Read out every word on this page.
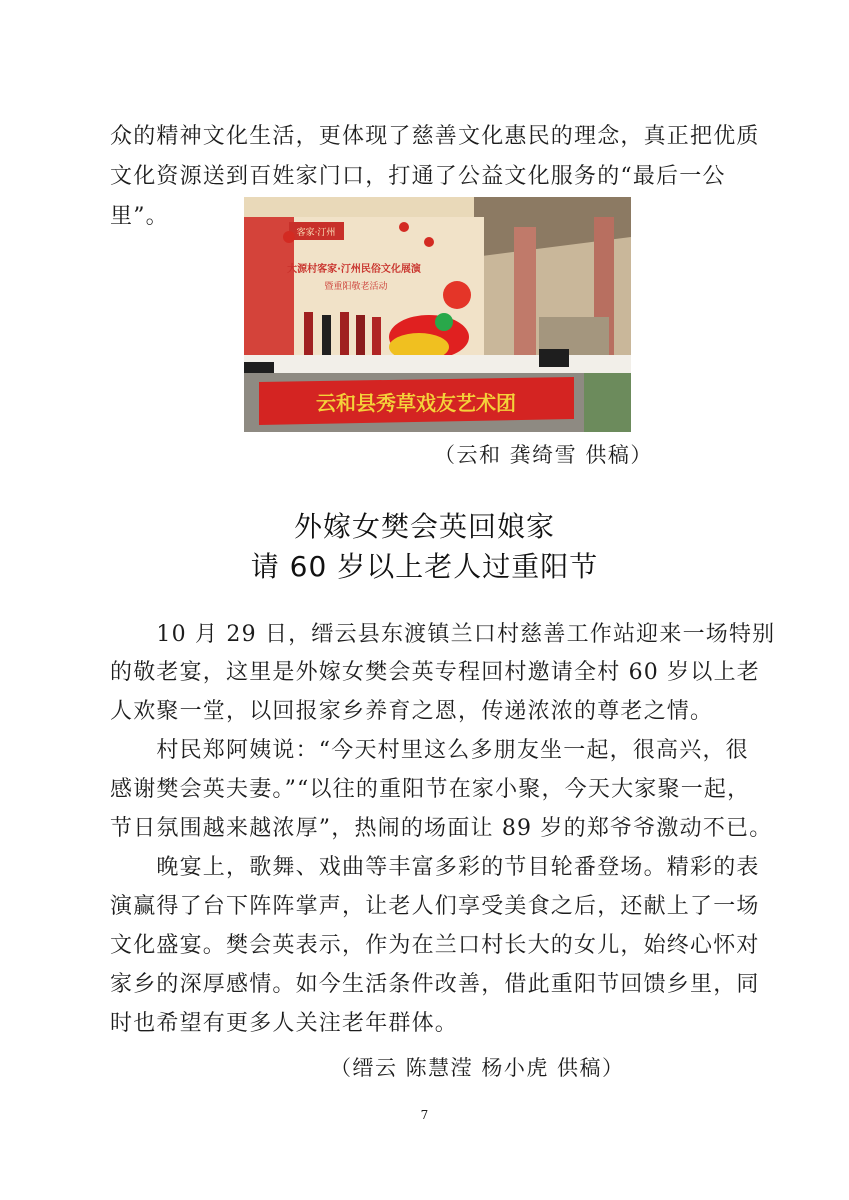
众的精神文化生活，更体现了慈善文化惠民的理念，真正把优质
文化资源送到百姓家门口，打通了公益文化服务的“最后一公
里”。
客家·汀州
大源村客家·汀州民俗文化展演
暨重阳敬老活动
云和县秀草戏友艺术团
（云和 龚绮雪 供稿）
外嫁女樊会英回娘家
请 60 岁以上老人过重阳节
　　10 月 29 日，缙云县东渡镇兰口村慈善工作站迎来一场特别
的敬老宴，这里是外嫁女樊会英专程回村邀请全村 60 岁以上老
人欢聚一堂，以回报家乡养育之恩，传递浓浓的尊老之情。
　　村民郑阿姨说：“今天村里这么多朋友坐一起，很高兴，很
感谢樊会英夫妻。”“以往的重阳节在家小聚，今天大家聚一起，
节日氛围越来越浓厚”，热闹的场面让 89 岁的郑爷爷激动不已。
　　晚宴上，歌舞、戏曲等丰富多彩的节目轮番登场。精彩的表
演赢得了台下阵阵掌声，让老人们享受美食之后，还献上了一场
文化盛宴。樊会英表示，作为在兰口村长大的女儿，始终心怀对
家乡的深厚感情。如今生活条件改善，借此重阳节回馈乡里，同
时也希望有更多人关注老年群体。
（缙云 陈慧滢 杨小虎 供稿）
7
